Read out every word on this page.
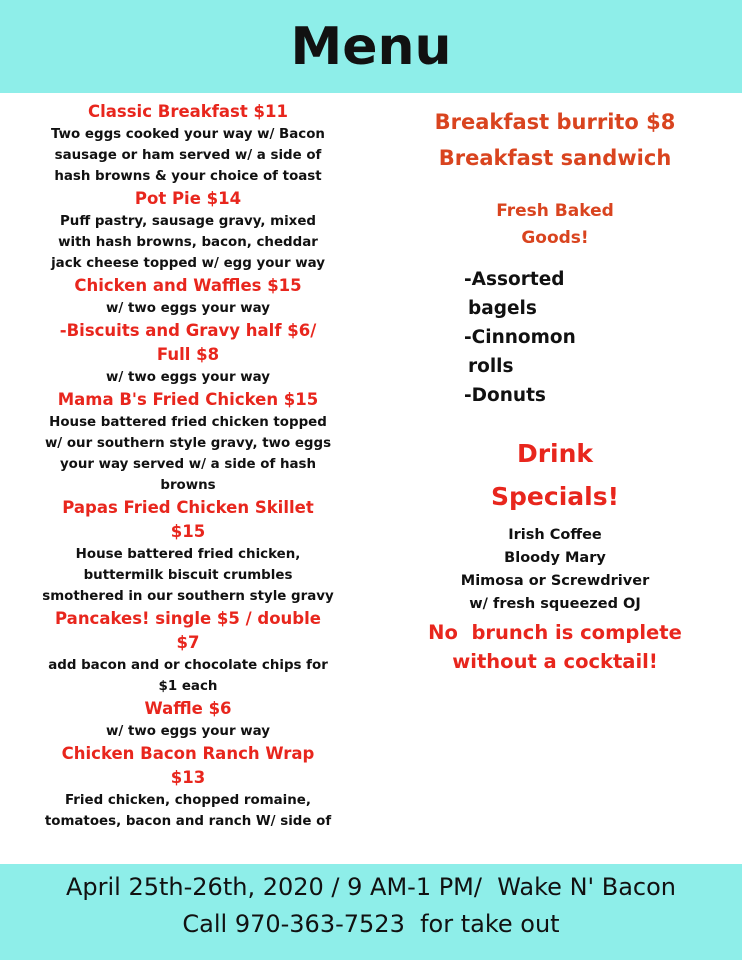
Menu
Classic Breakfast $11
Two eggs cooked your way w/ Bacon
sausage or ham served w/ a side of
hash browns & your choice of toast
Pot Pie $14
Puff pastry, sausage gravy, mixed
with hash browns, bacon, cheddar
jack cheese topped w/ egg your way
Chicken and Waffles $15
w/ two eggs your way
-Biscuits and Gravy half $6/
Full $8
w/ two eggs your way
Mama B's Fried Chicken $15
House battered fried chicken topped
w/ our southern style gravy, two eggs
your way served w/ a side of hash
browns
Papas Fried Chicken Skillet
$15
House battered fried chicken,
buttermilk biscuit crumbles
smothered in our southern style gravy
Pancakes! single $5 / double
$7
add bacon and or chocolate chips for
$1 each
Waffle $6
w/ two eggs your way
Chicken Bacon Ranch Wrap
$13
Fried chicken, chopped romaine,
tomatoes, bacon and ranch W/ side of
Breakfast burrito $8
Breakfast sandwich
Fresh Baked
Goods!
-Assorted
bagels
-Cinnomon
rolls
-Donuts
Drink
Specials!
Irish Coffee
Bloody Mary
Mimosa or Screwdriver
w/ fresh squeezed OJ
No  brunch is complete
without a cocktail!
April 25th-26th, 2020 / 9 AM-1 PM/  Wake N' Bacon
Call 970-363-7523  for take out
